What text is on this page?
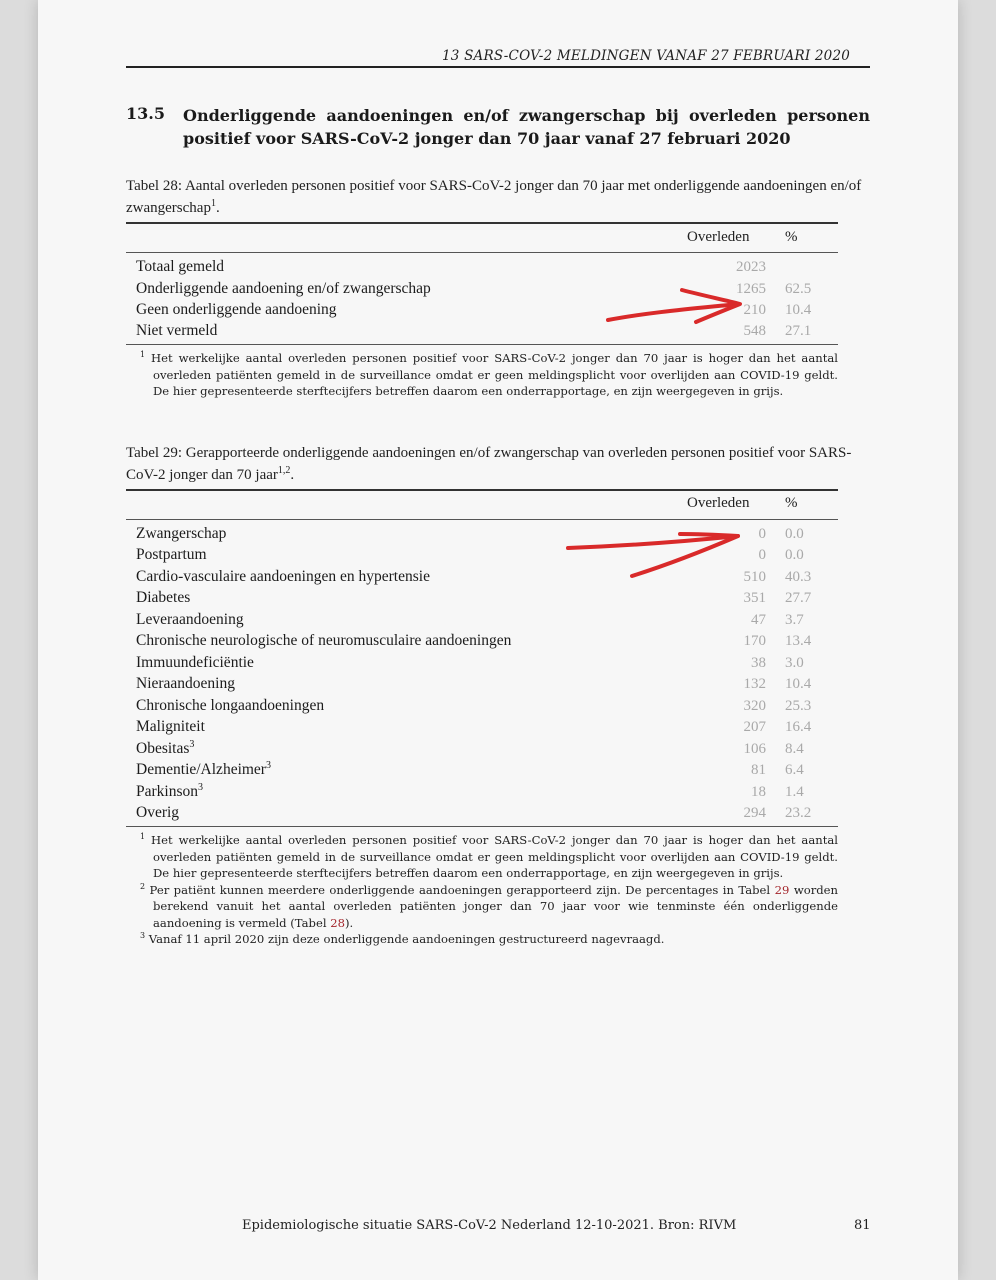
13 SARS-COV-2 MELDINGEN VANAF 27 FEBRUARI 2020
13.5 Onderliggende aandoeningen en/of zwangerschap bij overleden personen positief voor SARS-CoV-2 jonger dan 70 jaar vanaf 27 februari 2020
Tabel 28: Aantal overleden personen positief voor SARS-CoV-2 jonger dan 70 jaar met onderliggende aandoeningen en/of zwangerschap$^1$.
Overleden %
Totaal gemeld	2023
Onderliggende aandoening en/of zwangerschap	1265 62.5
Geen onderliggende aandoening	210 10.4
Niet vermeld	548 27.1

$^1$ Het werkelijke aantal overleden personen positief voor SARS-CoV-2 jonger dan 70 jaar is hoger dan het aantal overleden patiënten gemeld in de surveillance omdat er geen meldingsplicht voor overlijden aan COVID-19 geldt. De hier gepresenteerde sterftecijfers betreffen daarom een onderrapportage, en zijn weergegeven in grijs.

Tabel 29: Gerapporteerde onderliggende aandoeningen en/of zwangerschap van overleden personen positief voor SARS-CoV-2 jonger dan 70 jaar$^{1,2}$.
Overleden %
Zwangerschap	0 0.0
Postpartum	0 0.0
Cardio-vasculaire aandoeningen en hypertensie	510 40.3
Diabetes	351 27.7
Leveraandoening	47 3.7
Chronische neurologische of neuromusculaire aandoeningen	170 13.4
Immuundeficiëntie	38 3.0
Nieraandoening	132 10.4
Chronische longaandoeningen	320 25.3
Maligniteit	207 16.4
Obesitas$^3$	106 8.4
Dementie/Alzheimer$^3$	81 6.4
Parkinson$^3$	18 1.4
Overig	294 23.2

$^1$ Het werkelijke aantal overleden personen positief voor SARS-CoV-2 jonger dan 70 jaar is hoger dan het aantal overleden patiënten gemeld in de surveillance omdat er geen meldingsplicht voor overlijden aan COVID-19 geldt. De hier gepresenteerde sterftecijfers betreffen daarom een onderrapportage, en zijn weergegeven in grijs.

$^2$ Per patiënt kunnen meerdere onderliggende aandoeningen gerapporteerd zijn. De percentages in Tabel 29 worden berekend vanuit het aantal overleden patiënten jonger dan 70 jaar voor wie tenminste één onderliggende aandoening is vermeld (Tabel 28).

$^3$ Vanaf 11 april 2020 zijn deze onderliggende aandoeningen gestructureerd nagevraagd.

Epidemiologische situatie SARS-CoV-2 Nederland 12-10-2021. Bron: RIVM	81
